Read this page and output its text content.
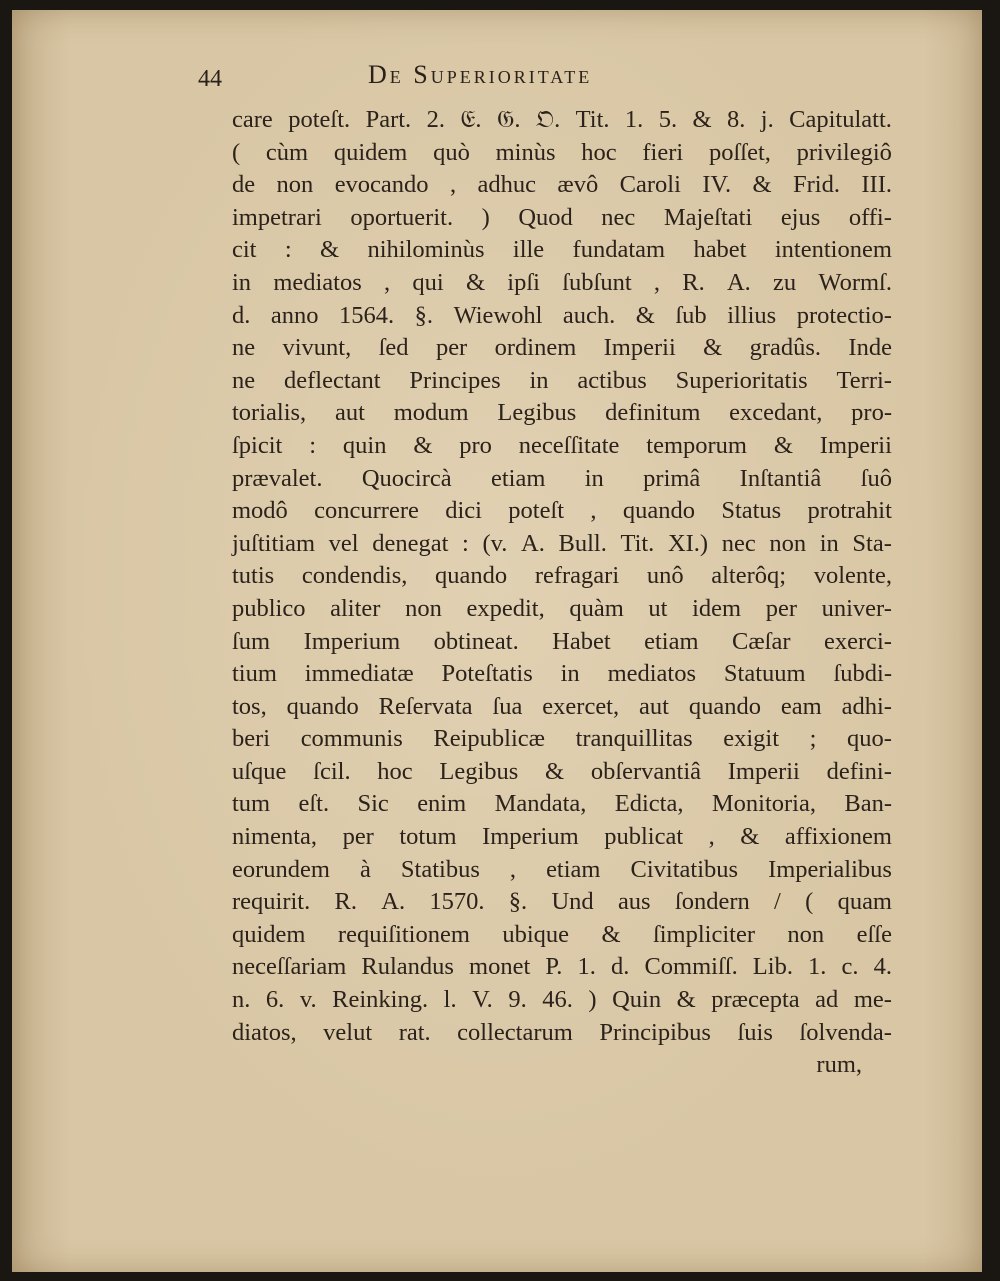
44	De Superioritate
care poteſt. Part. 2. 𝔈. 𝔊. 𝔒. Tit. 1. 5. & 8. j. Capitulatt.
( cùm quidem quò minùs hoc fieri poſſet, privilegiô
de non evocando , adhuc ævô Caroli IV. & Frid. III.
impetrari oportuerit. ) Quod nec Majeſtati ejus offi-
cit : & nihilominùs ille fundatam habet intentionem
in mediatos , qui & ipſi ſubſunt , R. A. zu Wormſ.
d. anno 1564. §. Wiewohl auch. & ſub illius protectio-
ne vivunt, ſed per ordinem Imperii & gradûs. Inde
ne deflectant Principes in actibus Superioritatis Terri-
torialis, aut modum Legibus definitum excedant, pro-
ſpicit : quin & pro neceſſitate temporum & Imperii
prævalet. Quocircà etiam in primâ Inſtantiâ ſuô
modô concurrere dici poteſt , quando Status protrahit
juſtitiam vel denegat : (v. A. Bull. Tit. XI.) nec non in Sta-
tutis condendis, quando refragari unô alterôq; volente,
publico aliter non expedit, quàm ut idem per univer-
ſum Imperium obtineat. Habet etiam Cæſar exerci-
tium immediatæ Poteſtatis in mediatos Statuum ſubdi-
tos, quando Reſervata ſua exercet, aut quando eam adhi-
beri communis Reipublicæ tranquillitas exigit ; quo-
uſque ſcil. hoc Legibus & obſervantiâ Imperii defini-
tum eſt. Sic enim Mandata, Edicta, Monitoria, Ban-
nimenta, per totum Imperium publicat , & affixionem
eorundem à Statibus , etiam Civitatibus Imperialibus
requirit. R. A. 1570. §. Und aus ſondern / ( quam
quidem requiſitionem ubique & ſimpliciter non eſſe
neceſſariam Rulandus monet P. 1. d. Commiſſ. Lib. 1. c. 4.
n. 6. v. Reinking. l. V. 9. 46. ) Quin & præcepta ad me-
diatos, velut rat. collectarum Principibus ſuis ſolvenda-
rum,
